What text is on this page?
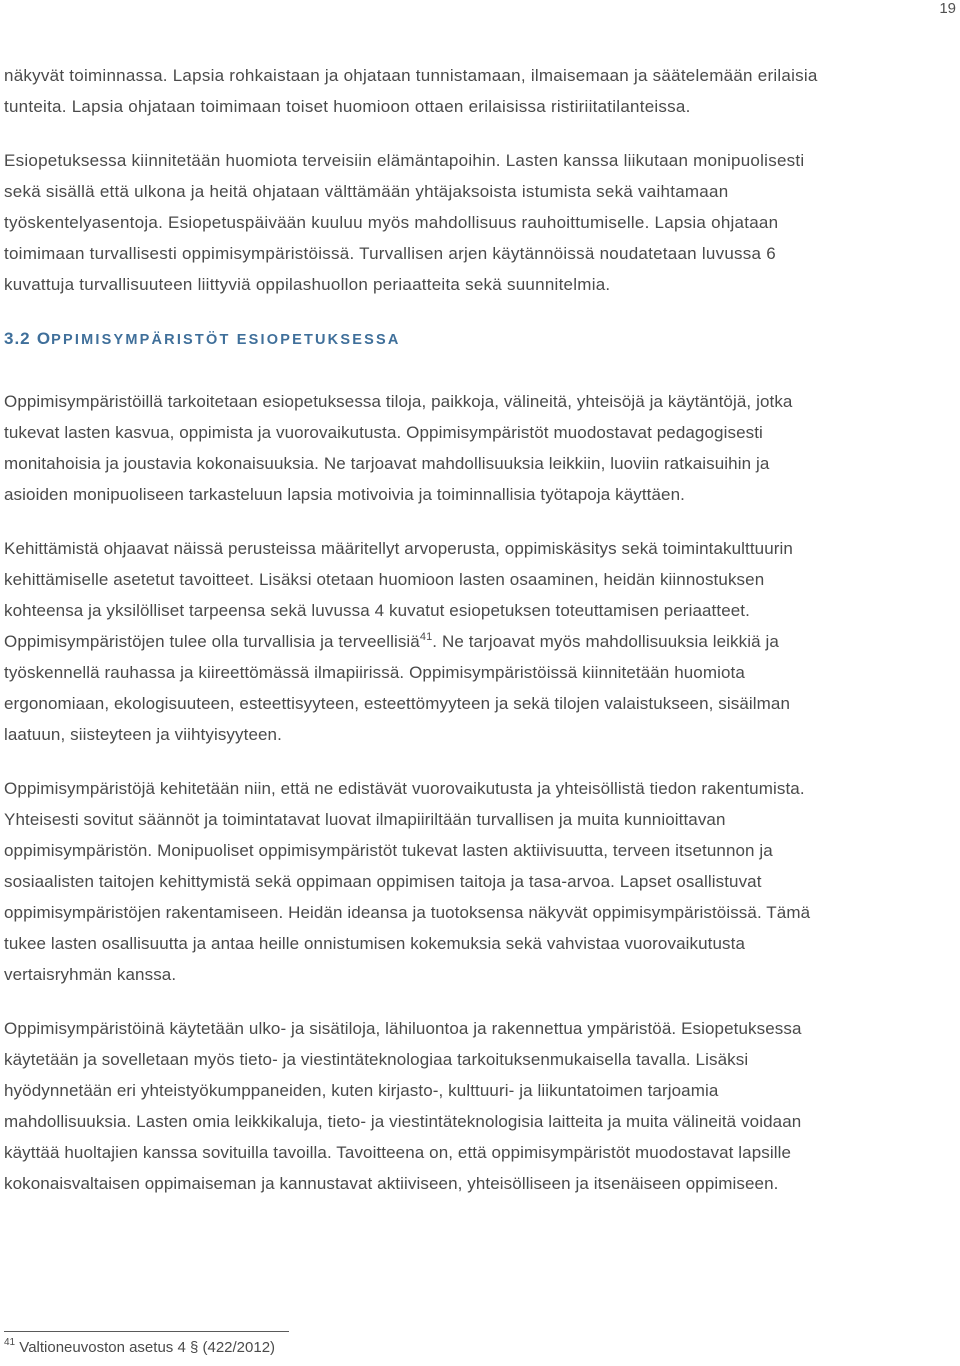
19

näkyvät toiminnassa. Lapsia rohkaistaan ja ohjataan tunnistamaan, ilmaisemaan ja säätelemään erilaisia
tunteita. Lapsia ohjataan toimimaan toiset huomioon ottaen erilaisissa ristiriitatilanteissa.

Esiopetuksessa kiinnitetään huomiota terveisiin elämäntapoihin. Lasten kanssa liikutaan monipuolisesti
sekä sisällä että ulkona ja heitä ohjataan välttämään yhtäjaksoista istumista sekä vaihtamaan
työskentelyasentoja. Esiopetuspäivään kuuluu myös mahdollisuus rauhoittumiselle. Lapsia ohjataan
toimimaan turvallisesti oppimisympäristöissä. Turvallisen arjen käytännöissä noudatetaan luvussa 6
kuvattuja turvallisuuteen liittyviä oppilashuollon periaatteita sekä suunnitelmia.

3.2 OPPIMISYMPÄRISTÖT ESIOPETUKSESSA

Oppimisympäristöillä tarkoitetaan esiopetuksessa tiloja, paikkoja, välineitä, yhteisöjä ja käytäntöjä, jotka
tukevat lasten kasvua, oppimista ja vuorovaikutusta. Oppimisympäristöt muodostavat pedagogisesti
monitahoisia ja joustavia kokonaisuuksia. Ne tarjoavat mahdollisuuksia leikkiin, luoviin ratkaisuihin ja
asioiden monipuoliseen tarkasteluun lapsia motivoivia ja toiminnallisia työtapoja käyttäen.

Kehittämistä ohjaavat näissä perusteissa määritellyt arvoperusta, oppimiskäsitys sekä toimintakulttuurin
kehittämiselle asetetut tavoitteet. Lisäksi otetaan huomioon lasten osaaminen, heidän kiinnostuksen
kohteensa ja yksilölliset tarpeensa sekä luvussa 4 kuvatut esiopetuksen toteuttamisen periaatteet.
Oppimisympäristöjen tulee olla turvallisia ja terveellisiä$^{41}$. Ne tarjoavat myös mahdollisuuksia leikkiä ja
työskennellä rauhassa ja kiireettömässä ilmapiirissä. Oppimisympäristöissä kiinnitetään huomiota
ergonomiaan, ekologisuuteen, esteettisyyteen, esteettömyyteen ja sekä tilojen valaistukseen, sisäilman
laatuun, siisteyteen ja viihtyisyyteen.

Oppimisympäristöjä kehitetään niin, että ne edistävät vuorovaikutusta ja yhteisöllistä tiedon rakentumista.
Yhteisesti sovitut säännöt ja toimintatavat luovat ilmapiiriltään turvallisen ja muita kunnioittavan
oppimisympäristön. Monipuoliset oppimisympäristöt tukevat lasten aktiivisuutta, terveen itsetunnon ja
sosiaalisten taitojen kehittymistä sekä oppimaan oppimisen taitoja ja tasa-arvoa. Lapset osallistuvat
oppimisympäristöjen rakentamiseen. Heidän ideansa ja tuotoksensa näkyvät oppimisympäristöissä. Tämä
tukee lasten osallisuutta ja antaa heille onnistumisen kokemuksia sekä vahvistaa vuorovaikutusta
vertaisryhmän kanssa.

Oppimisympäristöinä käytetään ulko- ja sisätiloja, lähiluontoa ja rakennettua ympäristöä. Esiopetuksessa
käytetään ja sovelletaan myös tieto- ja viestintäteknologiaa tarkoituksenmukaisella tavalla. Lisäksi
hyödynnetään eri yhteistyökumppaneiden, kuten kirjasto-, kulttuuri- ja liikuntatoimen tarjoamia
mahdollisuuksia. Lasten omia leikkikaluja, tieto- ja viestintäteknologisia laitteita ja muita välineitä voidaan
käyttää huoltajien kanssa sovituilla tavoilla. Tavoitteena on, että oppimisympäristöt muodostavat lapsille
kokonaisvaltaisen oppimaiseman ja kannustavat aktiiviseen, yhteisölliseen ja itsenäiseen oppimiseen.

$^{41}$ Valtioneuvoston asetus 4 § (422/2012)
